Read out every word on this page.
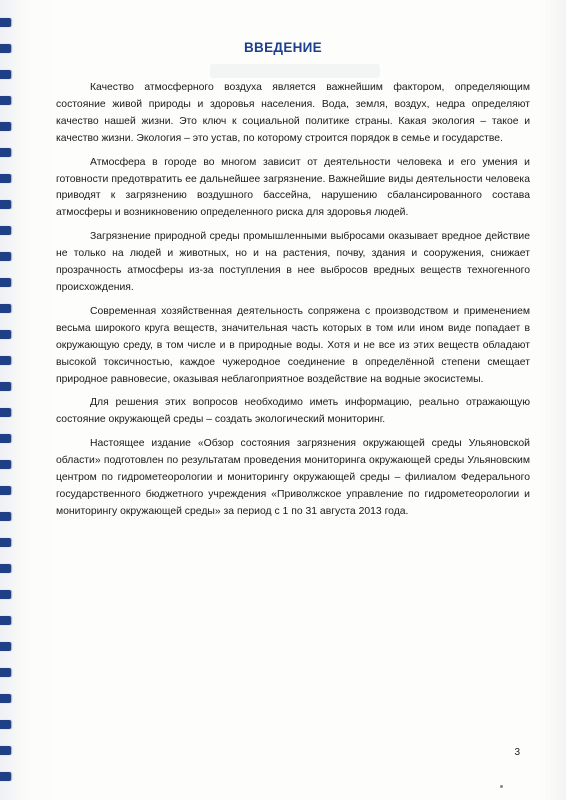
ВВЕДЕНИЕ

Качество атмосферного воздуха является важнейшим фактором, определяющим состояние живой природы и здоровья населения. Вода, земля, воздух, недра определяют качество нашей жизни. Это ключ к социальной политике страны. Какая экология – такое и качество жизни. Экология – это устав, по которому строится порядок в семье и государстве.

Атмосфера в городе во многом зависит от деятельности человека и его умения и готовности предотвратить ее дальнейшее загрязнение. Важнейшие виды деятельности человека приводят к загрязнению воздушного бассейна, нарушению сбалансированного состава атмосферы и возникновению определенного риска для здоровья людей.

Загрязнение природной среды промышленными выбросами оказывает вредное действие не только на людей и животных, но и на растения, почву, здания и сооружения, снижает прозрачность атмосферы из-за поступления в нее выбросов вредных веществ техногенного происхождения.

Современная хозяйственная деятельность сопряжена с производством и применением весьма широкого круга веществ, значительная часть которых в том или ином виде попадает в окружающую среду, в том числе и в природные воды. Хотя и не все из этих веществ обладают высокой токсичностью, каждое чужеродное соединение в определённой степени смещает природное равновесие, оказывая неблагоприятное воздействие на водные экосистемы.

Для решения этих вопросов необходимо иметь информацию, реально отражающую состояние окружающей среды – создать экологический мониторинг.

Настоящее издание «Обзор состояния загрязнения окружающей среды Ульяновской области» подготовлен по результатам проведения мониторинга окружающей среды Ульяновским центром по гидрометеорологии и мониторингу окружающей среды – филиалом Федерального государственного бюджетного учреждения «Приволжское управление по гидрометеорологии и мониторингу окружающей среды» за период с 1 по 31 августа 2013 года.

3
